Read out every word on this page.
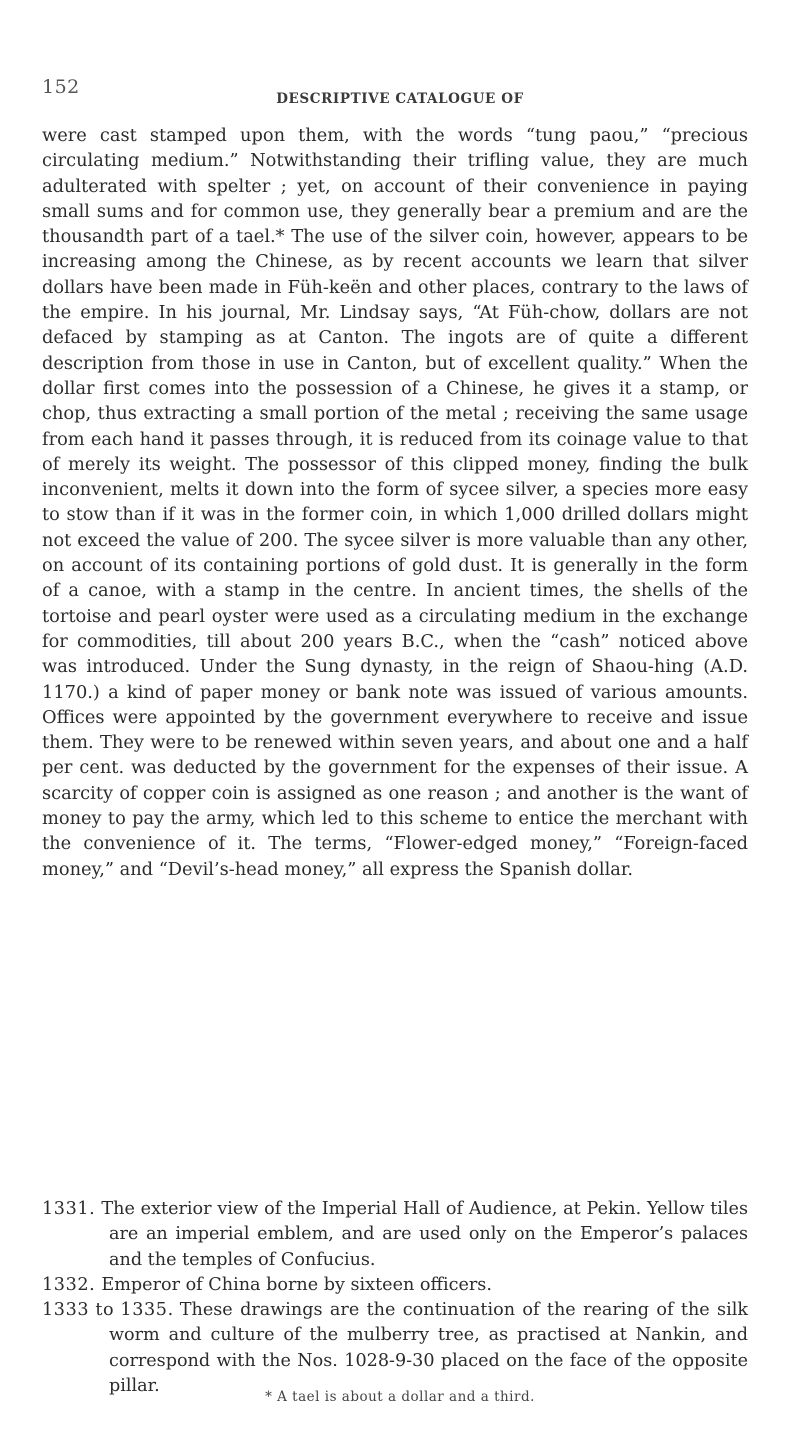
152
DESCRIPTIVE CATALOGUE OF
were cast stamped upon them, with the words “tung paou,” “precious circulating medium.” Notwithstanding their trifling value, they are much adulterated with spelter ; yet, on account of their convenience in paying small sums and for common use, they generally bear a premium and are the thousandth part of a tael.* The use of the silver coin, however, appears to be increasing among the Chinese, as by recent accounts we learn that silver dollars have been made in Füh-keën and other places, contrary to the laws of the empire. In his journal, Mr. Lindsay says, “At Füh-chow, dollars are not defaced by stamping as at Canton. The ingots are of quite a different description from those in use in Canton, but of excellent quality.” When the dollar first comes into the possession of a Chinese, he gives it a stamp, or chop, thus extracting a small portion of the metal ; receiving the same usage from each hand it passes through, it is reduced from its coinage value to that of merely its weight. The possessor of this clipped money, finding the bulk inconvenient, melts it down into the form of sycee silver, a species more easy to stow than if it was in the former coin, in which 1,000 drilled dollars might not exceed the value of 200. The sycee silver is more valuable than any other, on account of its containing portions of gold dust. It is generally in the form of a canoe, with a stamp in the centre. In ancient times, the shells of the tortoise and pearl oyster were used as a circulating medium in the exchange for commodities, till about 200 years B.C., when the “cash” noticed above was introduced. Under the Sung dynasty, in the reign of Shaou-hing (A.D. 1170.) a kind of paper money or bank note was issued of various amounts. Offices were appointed by the government everywhere to receive and issue them. They were to be renewed within seven years, and about one and a half per cent. was deducted by the government for the expenses of their issue. A scarcity of copper coin is assigned as one reason ; and another is the want of money to pay the army, which led to this scheme to entice the merchant with the convenience of it. The terms, “Flower-edged money,” “Foreign-faced money,” and “Devil’s-head money,” all express the Spanish dollar.
1331. The exterior view of the Imperial Hall of Audience, at Pekin. Yellow tiles are an imperial emblem, and are used only on the Emperor’s palaces and the temples of Confucius.
1332. Emperor of China borne by sixteen officers.
1333 to 1335. These drawings are the continuation of the rearing of the silk worm and culture of the mulberry tree, as practised at Nankin, and correspond with the Nos. 1028-9-30 placed on the face of the opposite pillar.
* A tael is about a dollar and a third.
